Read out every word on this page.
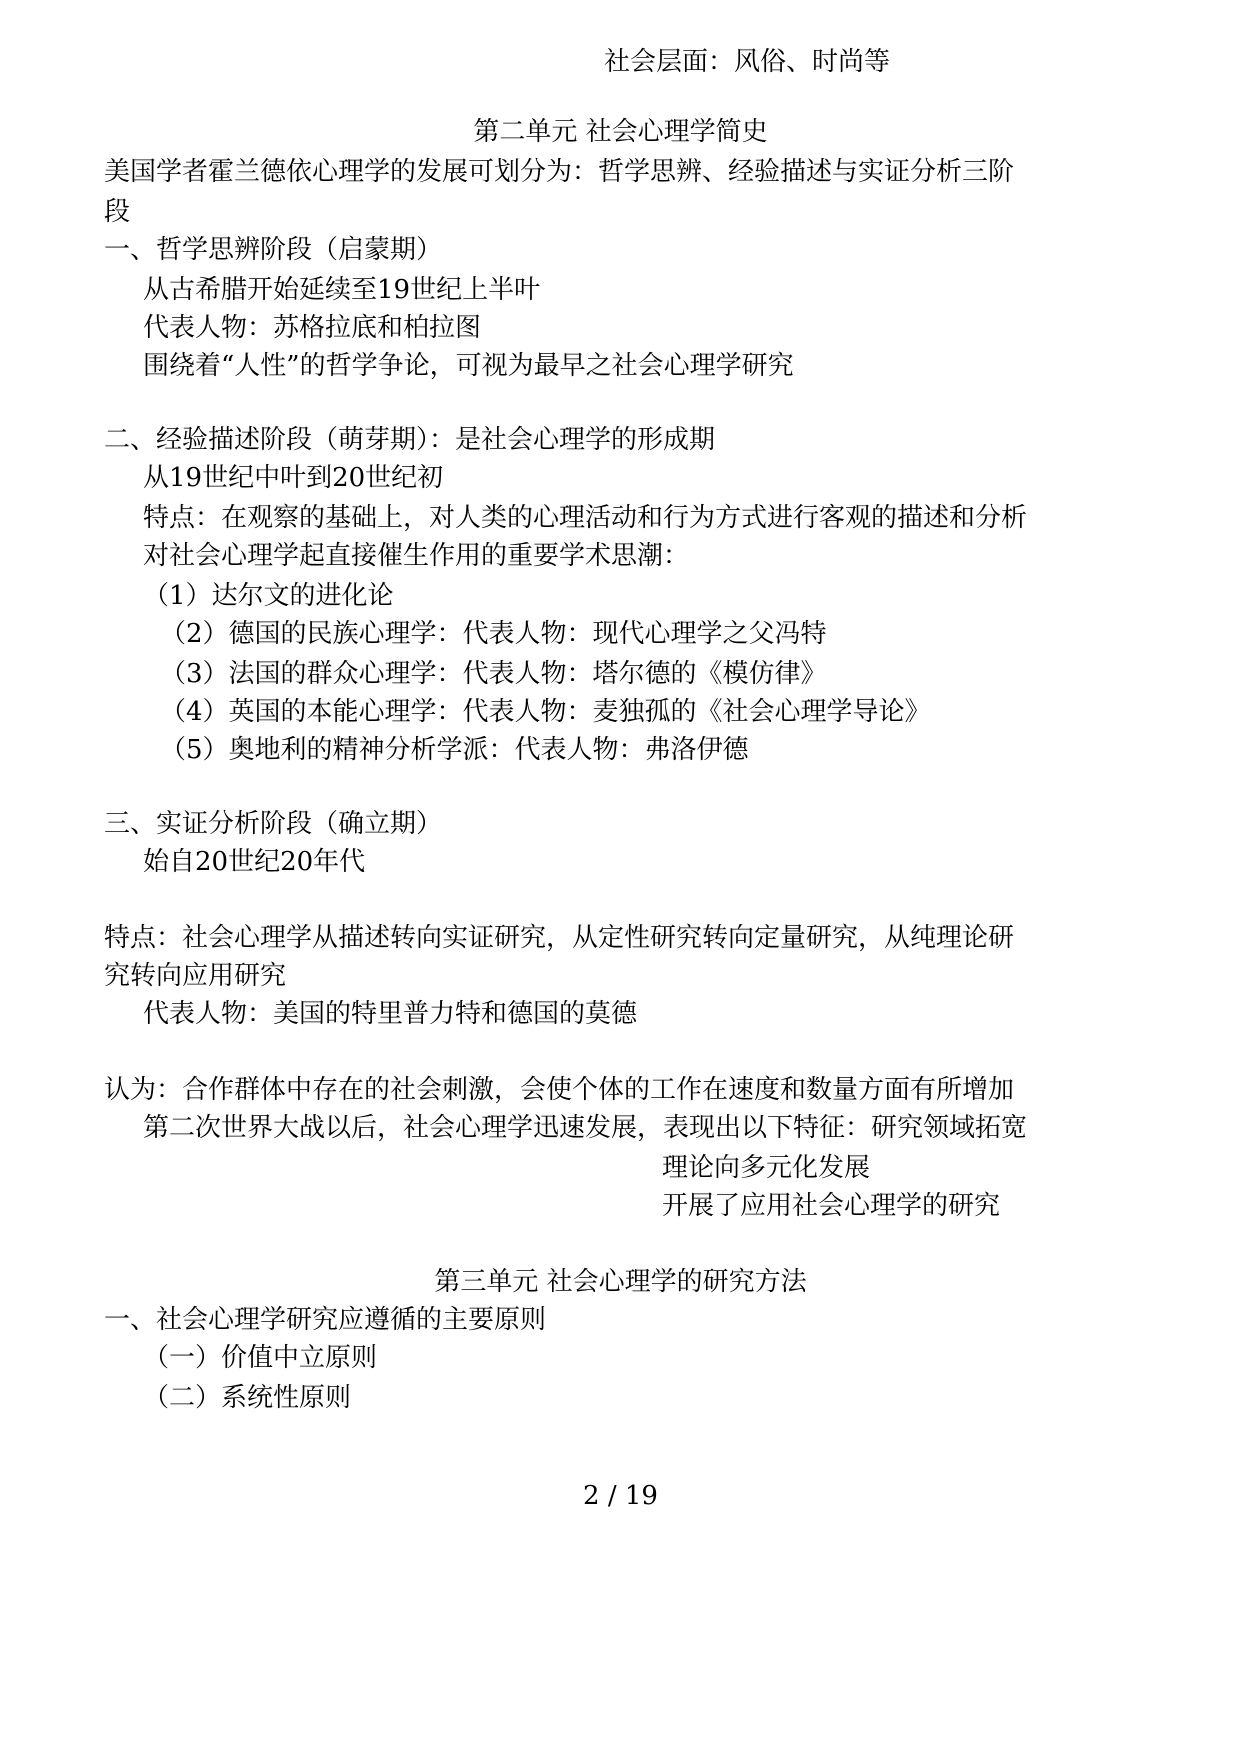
社会层面：风俗、时尚等

第二单元 社会心理学简史

美国学者霍兰德依心理学的发展可划分为：哲学思辨、经验描述与实证分析三阶

段

一、哲学思辨阶段（启蒙期）

从古希腊开始延续至19世纪上半叶

代表人物：苏格拉底和柏拉图

围绕着“人性”的哲学争论，可视为最早之社会心理学研究

二、经验描述阶段（萌芽期）：是社会心理学的形成期

从19世纪中叶到20世纪初

特点：在观察的基础上，对人类的心理活动和行为方式进行客观的描述和分析

对社会心理学起直接催生作用的重要学术思潮：

（1）达尔文的进化论

（2）德国的民族心理学：代表人物：现代心理学之父冯特

（3）法国的群众心理学：代表人物：塔尔德的《模仿律》

（4）英国的本能心理学：代表人物：麦独孤的《社会心理学导论》

（5）奥地利的精神分析学派：代表人物：弗洛伊德

三、实证分析阶段（确立期）

始自20世纪20年代

特点：社会心理学从描述转向实证研究，从定性研究转向定量研究，从纯理论研

究转向应用研究

代表人物：美国的特里普力特和德国的莫德

认为：合作群体中存在的社会刺激，会使个体的工作在速度和数量方面有所增加

第二次世界大战以后，社会心理学迅速发展，表现出以下特征：研究领域拓宽

理论向多元化发展

开展了应用社会心理学的研究

第三单元 社会心理学的研究方法

一、社会心理学研究应遵循的主要原则

（一）价值中立原则

（二）系统性原则

2 / 19
